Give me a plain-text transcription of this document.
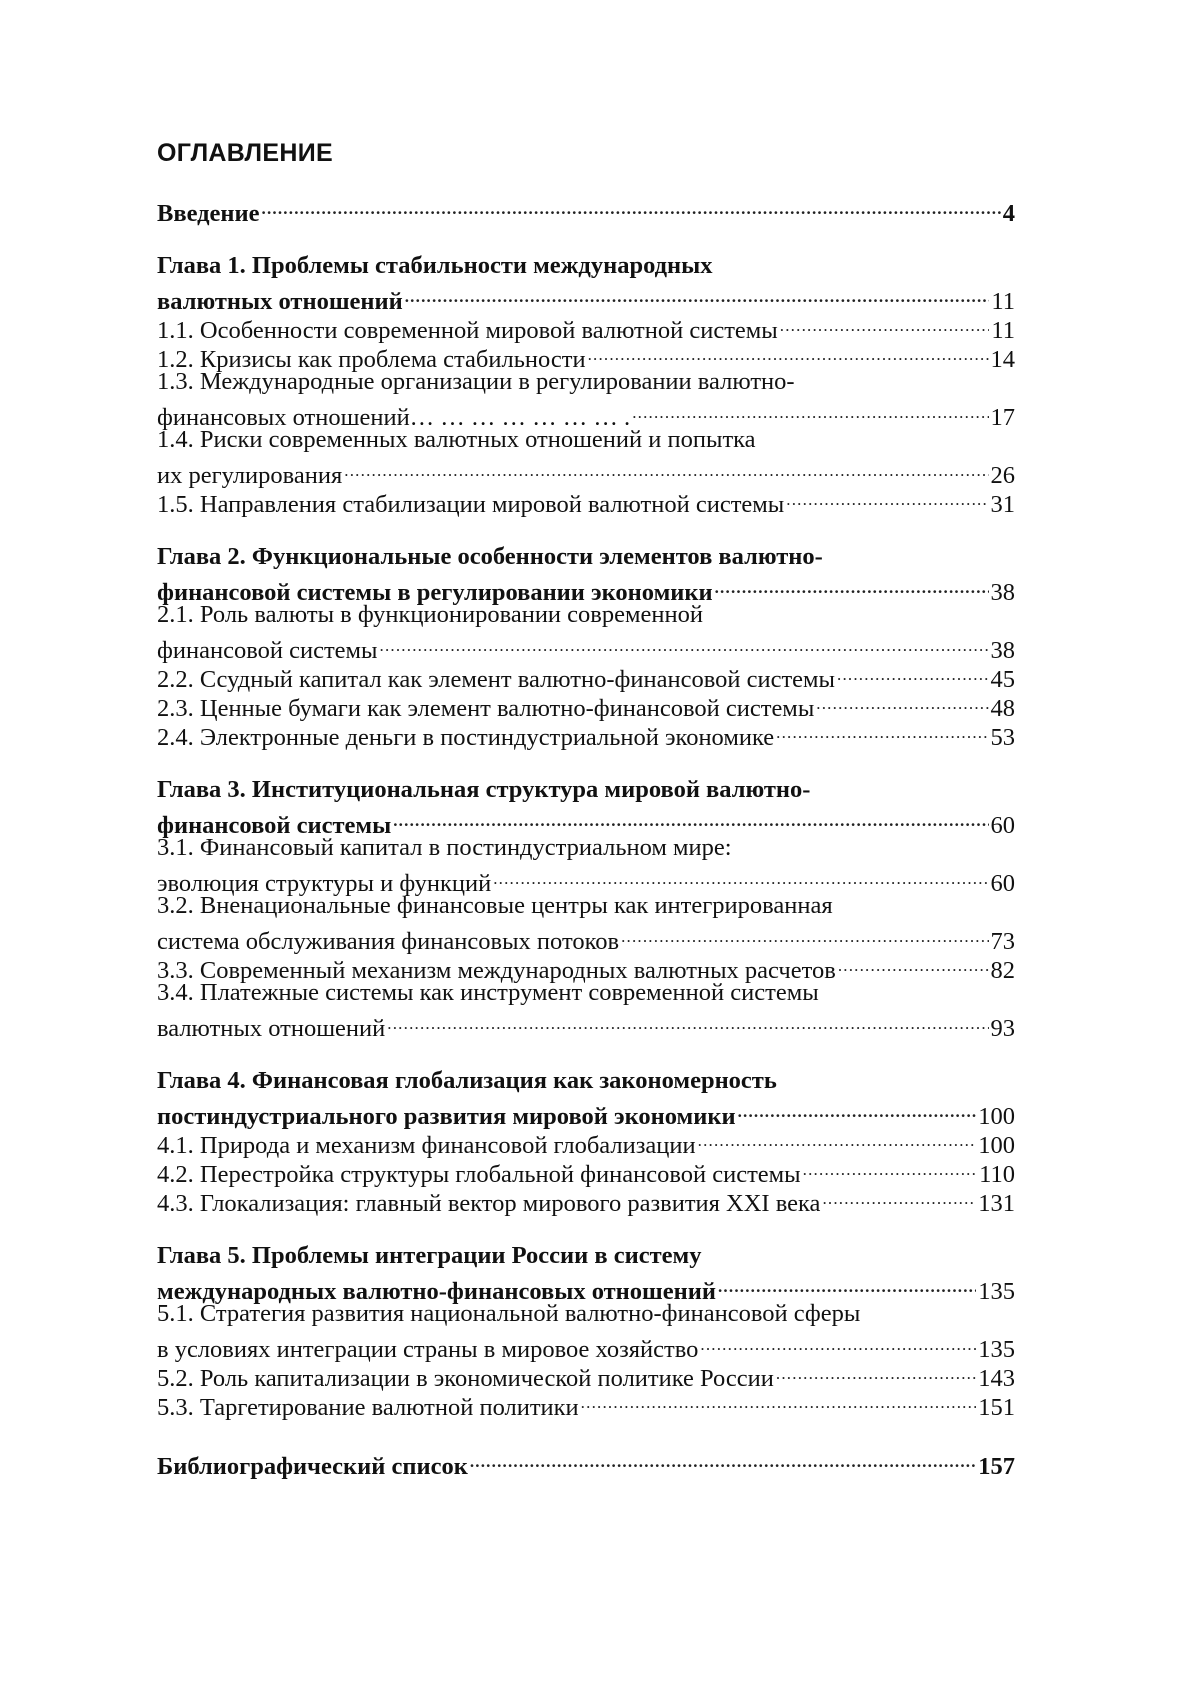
ОГЛАВЛЕНИЕ
Введение .....	4
Глава 1. Проблемы стабильности международных
валютных отношений .....	11
1.1. Особенности современной мировой валютной системы .....	11
1.2. Кризисы как проблема стабильности .....	14
1.3. Международные организации в регулировании валютно-
финансовых отношений… … … … … … … . .....	17
1.4. Риски современных валютных отношений и попытка
их регулирования .....	26
1.5. Направления стабилизации мировой валютной системы .....	31
Глава 2. Функциональные особенности элементов валютно-
финансовой системы в регулировании экономики .....	38
2.1. Роль валюты в функционировании современной
финансовой системы .....	38
2.2. Ссудный капитал как элемент валютно-финансовой системы .....	45
2.3. Ценные бумаги как элемент валютно-финансовой системы .....	48
2.4. Электронные деньги в постиндустриальной экономике .....	53
Глава 3. Институциональная структура мировой валютно-
финансовой системы .....	60
3.1. Финансовый капитал в постиндустриальном мире:
эволюция структуры и функций .....	60
3.2. Вненациональные финансовые центры как интегрированная
система обслуживания финансовых потоков .....	73
3.3. Современный механизм международных валютных расчетов .....	82
3.4. Платежные системы как инструмент современной системы
валютных отношений .....	93
Глава 4. Финансовая глобализация как закономерность
постиндустриального развития мировой экономики .....	100
4.1. Природа и механизм финансовой глобализации .....	100
4.2. Перестройка структуры глобальной финансовой системы .....	110
4.3. Глокализация: главный вектор мирового развития XXI века .....	131
Глава 5. Проблемы интеграции России в систему
международных валютно-финансовых отношений .....	135
5.1. Стратегия развития национальной валютно-финансовой сферы
в условиях интеграции страны в мировое хозяйство .....	135
5.2. Роль капитализации в экономической политике России .....	143
5.3. Таргетирование валютной политики .....	151
Библиографический список .....	157
